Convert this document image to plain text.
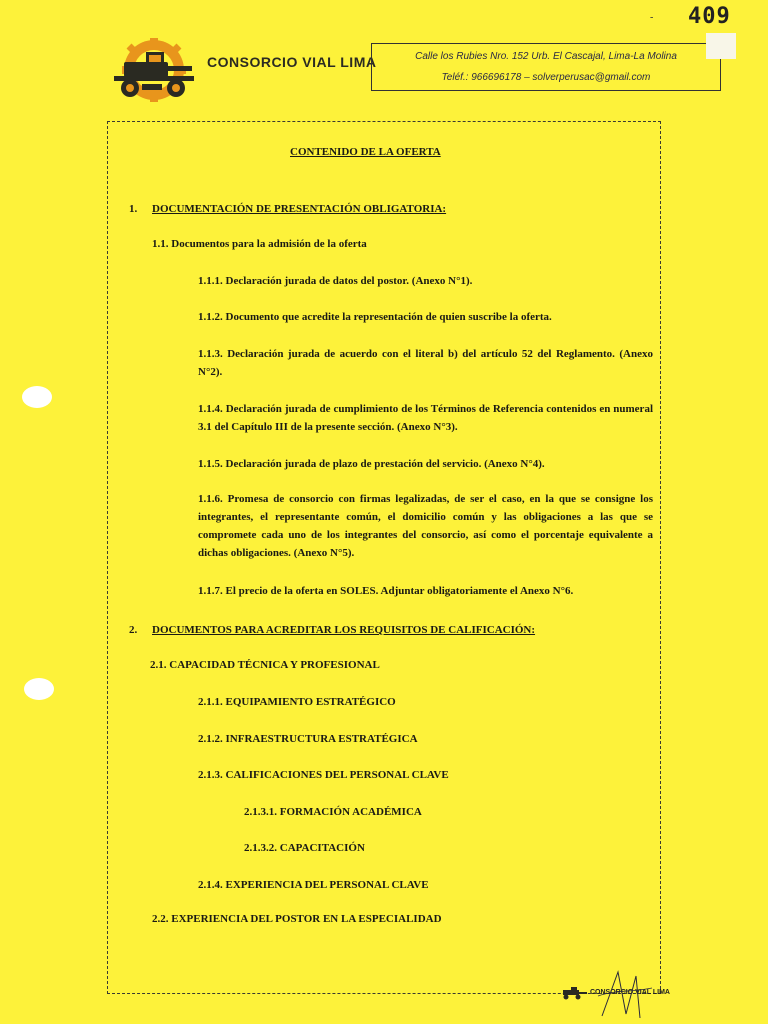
- 409
CONSORCIO VIAL LIMA	Calle los Rubies Nro. 152 Urb. El Cascajal, Lima-La Molina
Teléf.: 966696178 – solverperusac@gmail.com
CONTENIDO DE LA OFERTA
1. DOCUMENTACIÓN DE PRESENTACIÓN OBLIGATORIA:
1.1. Documentos para la admisión de la oferta
1.1.1. Declaración jurada de datos del postor. (Anexo N°1).
1.1.2. Documento que acredite la representación de quien suscribe la oferta.
1.1.3. Declaración jurada de acuerdo con el literal b) del artículo 52 del Reglamento. (Anexo N°2).
1.1.4. Declaración jurada de cumplimiento de los Términos de Referencia contenidos en numeral 3.1 del Capítulo III de la presente sección. (Anexo N°3).
1.1.5. Declaración jurada de plazo de prestación del servicio. (Anexo N°4).
1.1.6. Promesa de consorcio con firmas legalizadas, de ser el caso, en la que se consigne los integrantes, el representante común, el domicilio común y las obligaciones a las que se compromete cada uno de los integrantes del consorcio, así como el porcentaje equivalente a dichas obligaciones. (Anexo N°5).
1.1.7. El precio de la oferta en SOLES. Adjuntar obligatoriamente el Anexo N°6.
2. DOCUMENTOS PARA ACREDITAR LOS REQUISITOS DE CALIFICACIÓN:
2.1. CAPACIDAD TÉCNICA Y PROFESIONAL
2.1.1. EQUIPAMIENTO ESTRATÉGICO
2.1.2. INFRAESTRUCTURA ESTRATÉGICA
2.1.3. CALIFICACIONES DEL PERSONAL CLAVE
2.1.3.1. FORMACIÓN ACADÉMICA
2.1.3.2. CAPACITACIÓN
2.1.4. EXPERIENCIA DEL PERSONAL CLAVE
2.2. EXPERIENCIA DEL POSTOR EN LA ESPECIALIDAD
CONSORCIO VIAL LIMA
